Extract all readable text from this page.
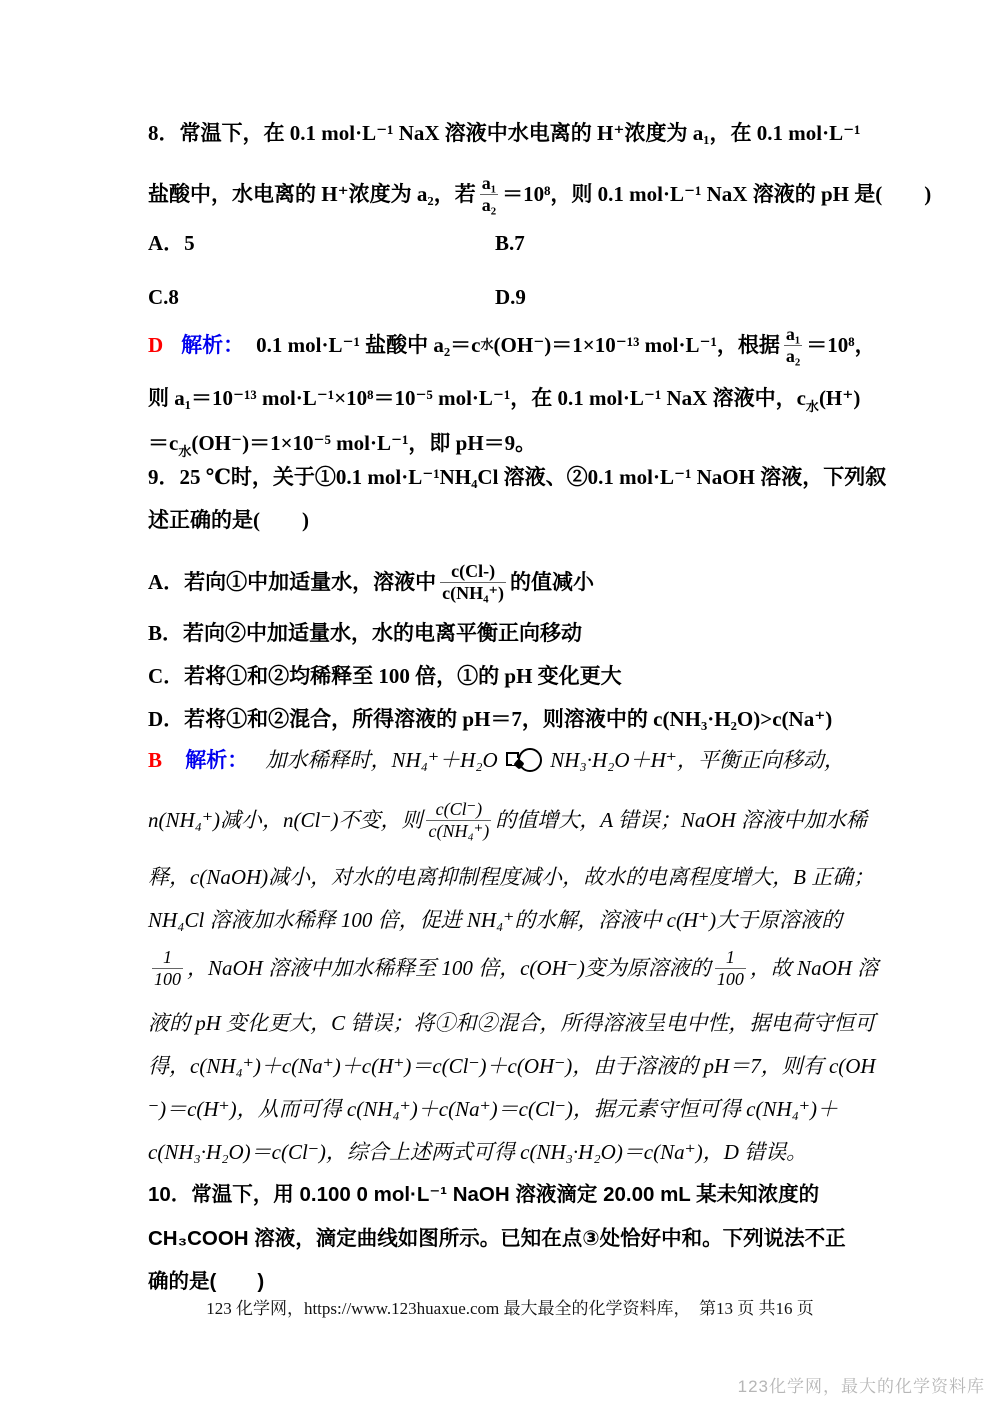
8．常温下，在 0.1 mol·L⁻¹ NaX 溶液中水电离的 H⁺浓度为 a₁，在 0.1 mol·L⁻¹
盐酸中，水电离的 H⁺浓度为 a₂，若 $\frac{\text{a₁}}{\text{a₂}} =10^8$，则 0.1 mol·L⁻¹ NaX 溶液的 pH 是(　　)
A．5	B.7
C.8	D.9
D 解析： 0.1 mol·L⁻¹ 盐酸中 a₂＝c 水 (OH⁻)＝1×10⁻¹³ mol·L⁻¹，根据 $\frac{\text{a₁}}{\text{a₂}} =10^8$，
则 a₁＝10⁻¹³ mol·L⁻¹×10⁸＝10⁻⁵ mol·L⁻¹，在 0.1 mol·L⁻¹ NaX 溶液中，$c_水(H^+)$
$=c_水(OH^-)=1\times 10^{-5}$ mol·L⁻¹，即 pH＝9。
9．25 ℃时，关于①0.1 mol·L⁻¹NH₄Cl 溶液、②0.1 mol·L⁻¹ NaOH 溶液，下列叙
述正确的是(　　)
A．若向①中加适量水，溶液中 $\frac{c(Cl-)}{\text{c(NH₄⁺)}}$ 的值减小
B．若向②中加适量水，水的电离平衡正向移动
C．若将①和②均稀释至 100 倍，①的 pH 变化更大
D．若将①和②混合，所得溶液的 pH＝7，则溶液中的 c(NH₃·H₂O)>c(Na⁺)
B 解析： 加水稀释时，NH₄⁺＋H₂O	NH₃·H₂O＋H⁺，平衡正向移动，
n(NH₄⁺)减小，n(Cl⁻)不变，则 $\frac{c(Cl^-)}{\text{c(NH₄⁺)}}$ 的值增大，A 错误；NaOH 溶液中加水稀
释，c(NaOH)减小，对水的电离抑制程度减小，故水的电离程度增大，B 正确；
NH₄Cl 溶液加水稀释 100 倍，促进 NH₄⁺的水解，溶液中 c(H⁺)大于原溶液的
$\frac{1}{100}$ ，NaOH 溶液中加水稀释至 100 倍，c(OH⁻)变为原溶液的 $\frac{1}{100}$ ，故 NaOH 溶
液的 pH 变化更大，C 错误；将①和②混合，所得溶液呈电中性，据电荷守恒可
得，c(NH₄⁺)＋c(Na⁺)＋c(H⁺)＝c(Cl⁻)＋c(OH⁻)，由于溶液的 pH＝7，则有 c(OH
⁻)＝c(H⁺)，从而可得 c(NH₄⁺)＋c(Na⁺)＝c(Cl⁻)，据元素守恒可得 c(NH₄⁺)＋
c(NH₃·H₂O)＝c(Cl⁻)，综合上述两式可得 c(NH₃·H₂O)＝c(Na⁺)，D 错误。
10．常温下，用 0.100 0 mol·L⁻¹ NaOH 溶液滴定 20.00 mL 某未知浓度的
CH₃COOH 溶液，滴定曲线如图所示。已知在点③处恰好中和。下列说法不正
确的是(　　)
123 化学网，https://www.123huaxue.com 最大最全的化学资料库，　第13 页 共16 页
123化学网，最大的化学资料库
